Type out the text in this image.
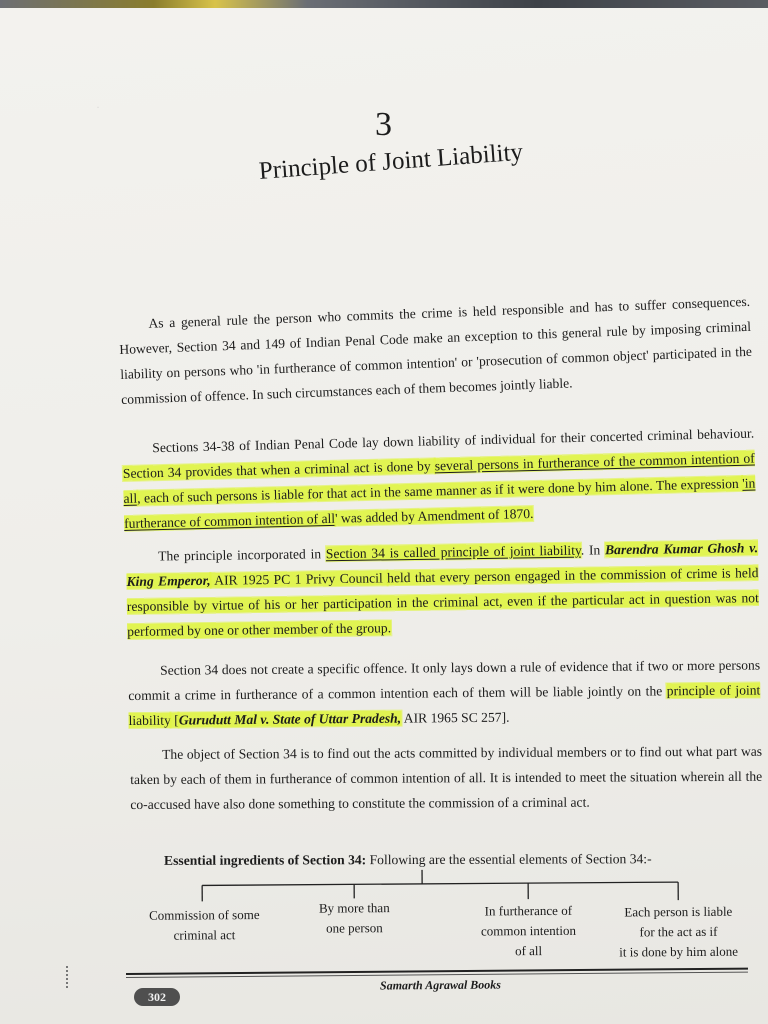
·	3
Principle of Joint Liability
As a general rule the person who commits the crime is held responsible and has to suffer consequences. However, Section 34 and 149 of Indian Penal Code make an exception to this general rule by imposing criminal liability on persons who 'in furtherance of common intention' or 'prosecution of common object' participated in the commission of offence. In such circumstances each of them becomes jointly liable.
Sections 34-38 of Indian Penal Code lay down liability of individual for their concerted criminal behaviour. Section 34 provides that when a criminal act is done by several persons in furtherance of the common intention of all, each of such persons is liable for that act in the same manner as if it were done by him alone. The expression 'in furtherance of common intention of all' was added by Amendment of 1870.
The principle incorporated in Section 34 is called principle of joint liability. In Barendra Kumar Ghosh v. King Emperor, AIR 1925 PC 1 Privy Council held that every person engaged in the commission of crime is held responsible by virtue of his or her participation in the criminal act, even if the particular act in question was not performed by one or other member of the group.
Section 34 does not create a specific offence. It only lays down a rule of evidence that if two or more persons commit a crime in furtherance of a common intention each of them will be liable jointly on the principle of joint liability [Gurudutt Mal v. State of Uttar Pradesh, AIR 1965 SC 257].
The object of Section 34 is to find out the acts committed by individual members or to find out what part was taken by each of them in furtherance of common intention of all. It is intended to meet the situation wherein all the co-accused have also done something to constitute the commission of a criminal act.
Essential ingredients of Section 34: Following are the essential elements of Section 34:-
Commission of some
criminal act
By more than
one person
In furtherance of
common intention
of all
Each person is liable
for the act as if
it is done by him alone
Samarth Agrawal Books
302
